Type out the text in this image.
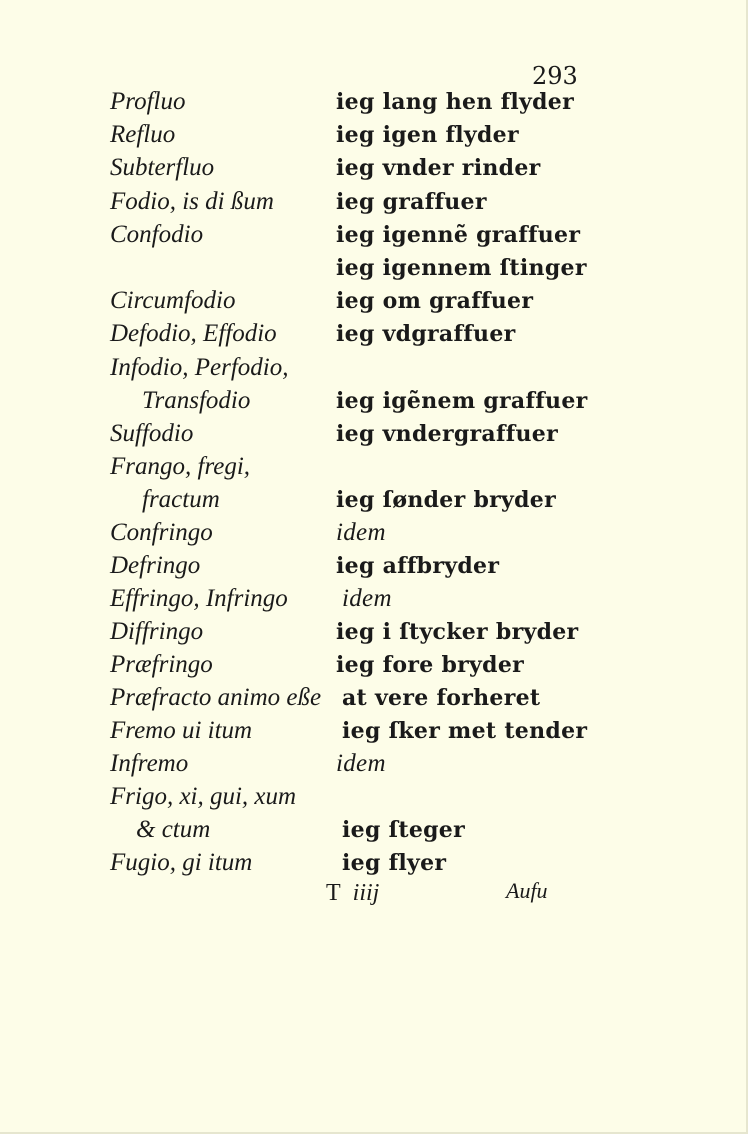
293
Profluo	ieg lang hen flyder
Refluo	ieg igen flyder
Subterfluo	ieg vnder rinder
Fodio, is di ßum	ieg graffuer
Confodio	ieg igennẽ graffuer
ieg igennem ſtinger
Circumfodio	ieg om graffuer
Defodio, Effodio	ieg vdgraffuer
Infodio, Perfodio,
Transfodio	ieg igẽnem graffuer
Suffodio	ieg vndergraffuer
Frango, fregi,
fractum	ieg ſønder bryder
Confringo	idem
Defringo	ieg affbryder
Effringo, Infringo idem
Diffringo	ieg i ſtycker bryder
Præfringo	ieg fore bryder
Præfracto animo eße at vere forheret
Fremo ui itum	ieg ſker met tender
Infremo	idem
Frigo, xi, gui, xum
& ctum	ieg ſteger
Fugio, gi itum	ieg flyer
T iiij	Aufu
